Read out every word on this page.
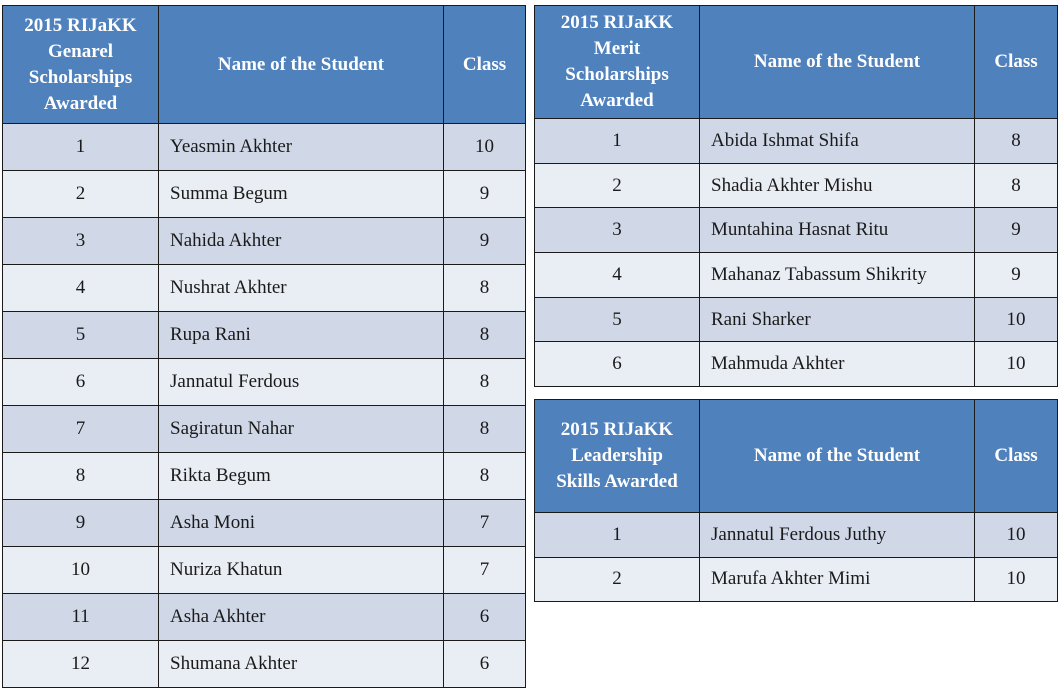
2015 RIJaKK Genarel Scholarships Awarded	Name of the Student	Class
1	Yeasmin Akhter	10
2	Summa Begum	9
3	Nahida Akhter	9
4	Nushrat Akhter	8
5	Rupa Rani	8
6	Jannatul Ferdous	8
7	Sagiratun Nahar	8
8	Rikta Begum	8
9	Asha Moni	7
10	Nuriza Khatun	7
11	Asha Akhter	6
12	Shumana Akhter	6
2015 RIJaKK Merit Scholarships Awarded	Name of the Student	Class
1	Abida Ishmat Shifa	8
2	Shadia Akhter Mishu	8
3	Muntahina Hasnat Ritu	9
4	Mahanaz Tabassum Shikrity	9
5	Rani Sharker	10
6	Mahmuda Akhter	10
2015 RIJaKK Leadership Skills Awarded	Name of the Student	Class
1	Jannatul Ferdous Juthy	10
2	Marufa Akhter Mimi	10
